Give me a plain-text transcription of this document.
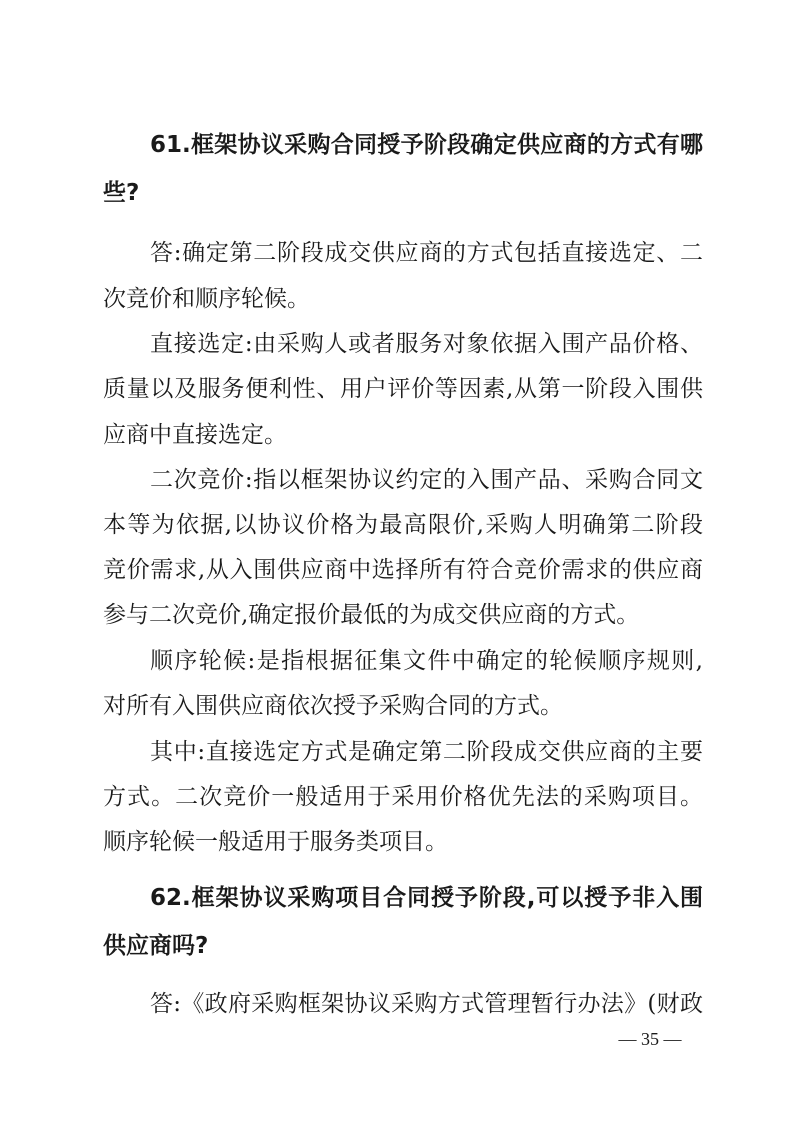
61.框架协议采购合同授予阶段确定供应商的方式有哪
些?
答:确定第二阶段成交供应商的方式包括直接选定、二
次竞价和顺序轮候。
直接选定:由采购人或者服务对象依据入围产品价格、
质量以及服务便利性、用户评价等因素,从第一阶段入围供
应商中直接选定。
二次竞价:指以框架协议约定的入围产品、采购合同文
本等为依据,以协议价格为最高限价,采购人明确第二阶段
竞价需求,从入围供应商中选择所有符合竞价需求的供应商
参与二次竞价,确定报价最低的为成交供应商的方式。
顺序轮候:是指根据征集文件中确定的轮候顺序规则,
对所有入围供应商依次授予采购合同的方式。
其中:直接选定方式是确定第二阶段成交供应商的主要
方式。二次竞价一般适用于采用价格优先法的采购项目。
顺序轮候一般适用于服务类项目。
62.框架协议采购项目合同授予阶段,可以授予非入围
供应商吗?
答:《政府采购框架协议采购方式管理暂行办法》(财政
— 35 —
